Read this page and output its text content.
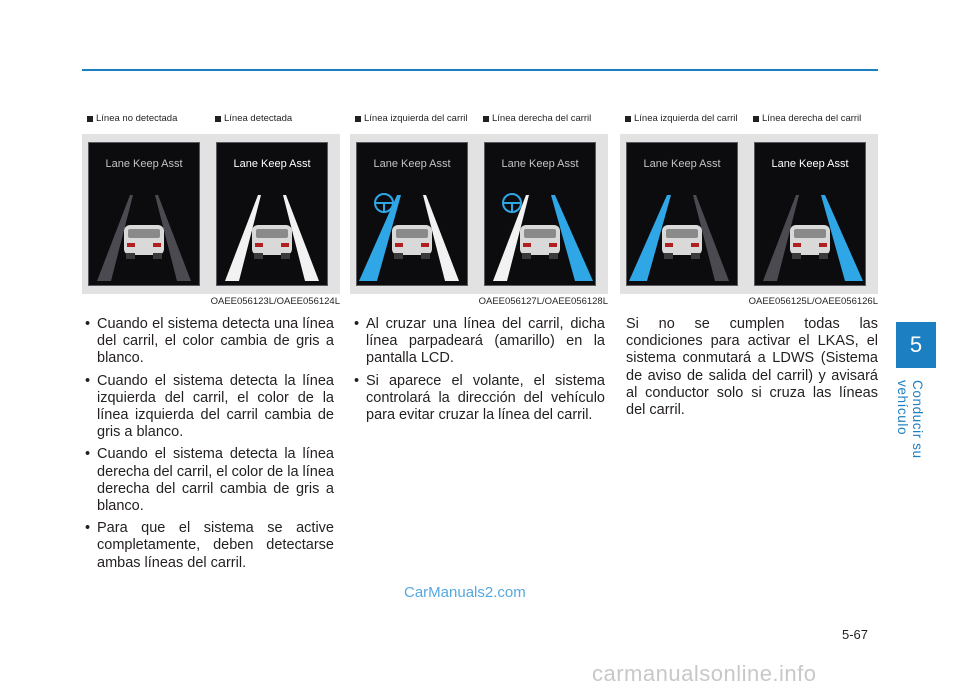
5
Conducir su vehículo
Línea no detectada	Línea detectada
Lane Keep Asst	Lane Keep Asst
OAEE056123L/OAEE056124L
Línea izquierda del carril	Línea derecha del carril
Lane Keep Asst	Lane Keep Asst
OAEE056127L/OAEE056128L
Línea izquierda del carril	Línea derecha del carril
Lane Keep Asst	Lane Keep Asst
OAEE056125L/OAEE056126L
• Cuando el sistema detecta una línea del carril, el color cambia de gris a blanco.
• Cuando el sistema detecta la línea izquierda del carril, el color de la línea izquierda del carril cambia de gris a blanco.
• Cuando el sistema detecta la línea derecha del carril, el color de la línea derecha del carril cambia de gris a blanco.
• Para que el sistema se active completamente, deben detectarse ambas líneas del carril.
• Al cruzar una línea del carril, dicha línea parpadeará (amarillo) en la pantalla LCD.
• Si aparece el volante, el sistema controlará la dirección del vehículo para evitar cruzar la línea del carril.

Si no se cumplen todas las condiciones para activar el LKAS, el sistema conmutará a LDWS (Sistema de aviso de salida del carril) y avisará al conductor solo si cruza las líneas del carril.

CarManuals2.com
5-67
carmanualsonline.info
